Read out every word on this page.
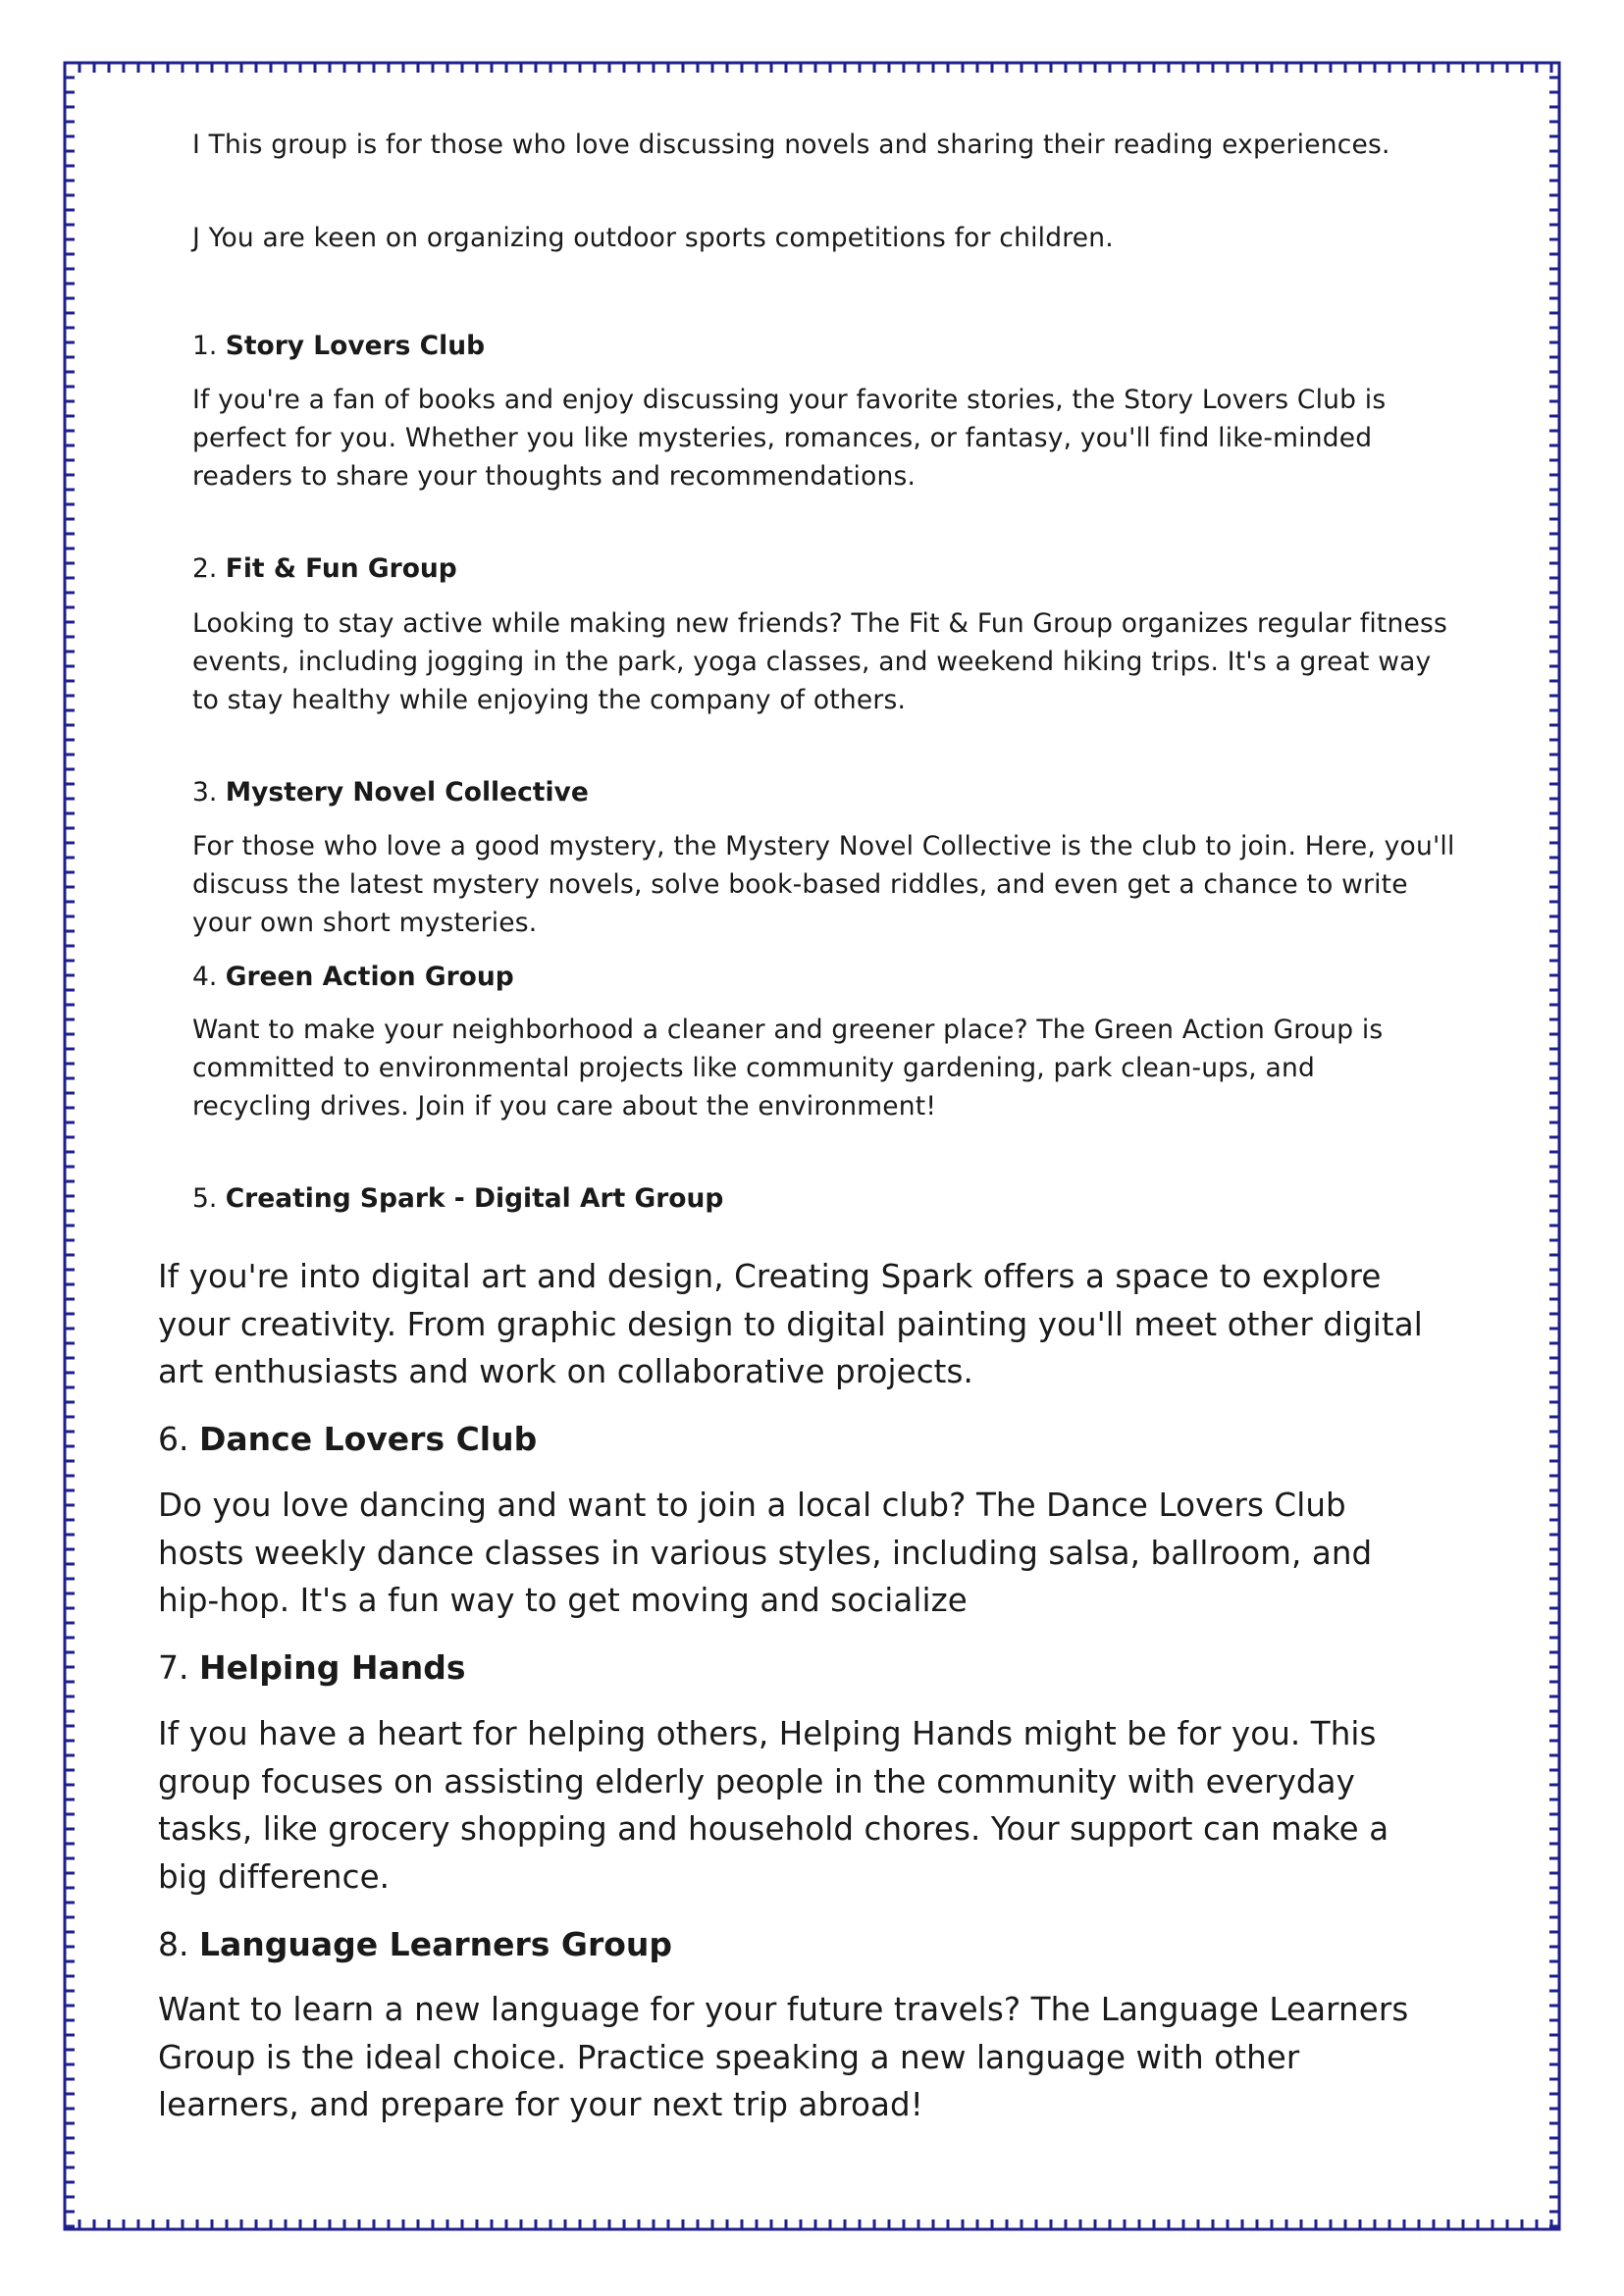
I This group is for those who love discussing novels and sharing their reading experiences.

J You are keen on organizing outdoor sports competitions for children.

1. Story Lovers Club

If you're a fan of books and enjoy discussing your favorite stories, the Story Lovers Club is perfect for you. Whether you like mysteries, romances, or fantasy, you'll find like-minded readers to share your thoughts and recommendations.

2. Fit & Fun Group

Looking to stay active while making new friends? The Fit & Fun Group organizes regular fitness events, including jogging in the park, yoga classes, and weekend hiking trips. It's a great way to stay healthy while enjoying the company of others.

3. Mystery Novel Collective

For those who love a good mystery, the Mystery Novel Collective is the club to join. Here, you'll discuss the latest mystery novels, solve book-based riddles, and even get a chance to write your own short mysteries.

4. Green Action Group

Want to make your neighborhood a cleaner and greener place? The Green Action Group is committed to environmental projects like community gardening, park clean-ups, and recycling drives. Join if you care about the environment!

5. Creating Spark - Digital Art Group

If you're into digital art and design, Creating Spark offers a space to explore your creativity. From graphic design to digital painting you'll meet other digital art enthusiasts and work on collaborative projects.

6. Dance Lovers Club

Do you love dancing and want to join a local club? The Dance Lovers Club hosts weekly dance classes in various styles, including salsa, ballroom, and hip-hop. It's a fun way to get moving and socialize

7. Helping Hands

If you have a heart for helping others, Helping Hands might be for you. This group focuses on assisting elderly people in the community with everyday tasks, like grocery shopping and household chores. Your support can make a big difference.

8. Language Learners Group

Want to learn a new language for your future travels? The Language Learners Group is the ideal choice. Practice speaking a new language with other learners, and prepare for your next trip abroad!
